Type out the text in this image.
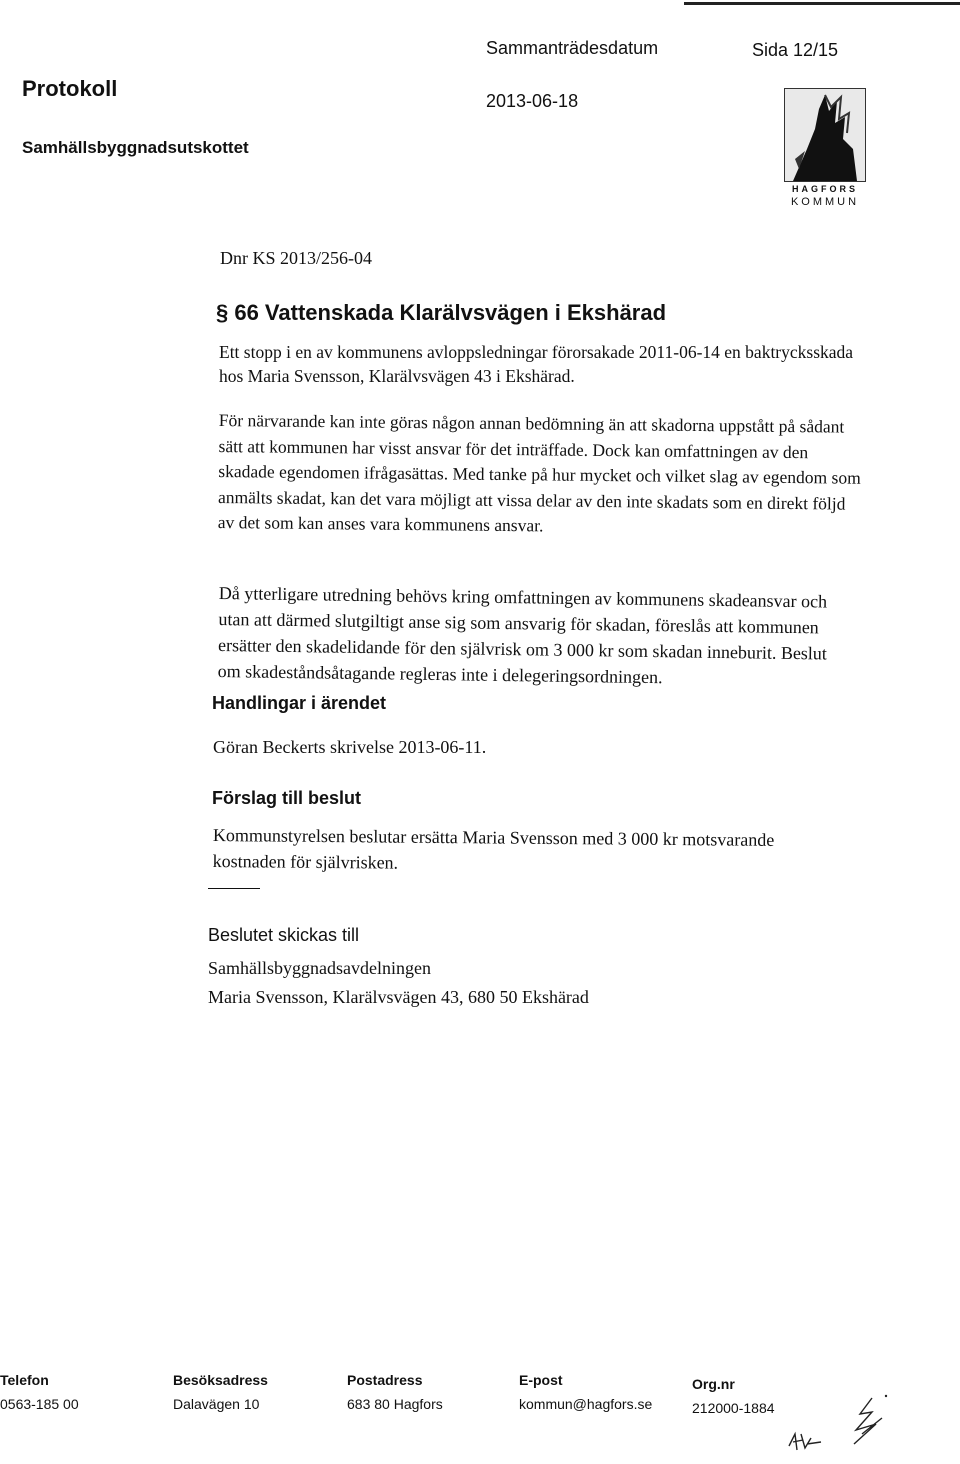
Protokoll
Sammanträdesdatum	Sida 12/15
2013-06-18
Samhällsbyggnadsutskottet
HAGFORS
KOMMUN
Dnr KS 2013/256-04
§ 66 Vattenskada Klarälvsvägen i Ekshärad
Ett stopp i en av kommunens avloppsledningar förorsakade 2011-06-14 en baktrycksskada hos Maria Svensson, Klarälvsvägen 43 i Ekshärad.
För närvarande kan inte göras någon annan bedömning än att skadorna uppstått på sådant sätt att kommunen har visst ansvar för det inträffade. Dock kan omfattningen av den skadade egendomen ifrågasättas. Med tanke på hur mycket och vilket slag av egendom som anmälts skadat, kan det vara möjligt att vissa delar av den inte skadats som en direkt följd av det som kan anses vara kommunens ansvar.
Då ytterligare utredning behövs kring omfattningen av kommunens skadeansvar och utan att därmed slutgiltigt anse sig som ansvarig för skadan, föreslås att kommunen ersätter den skadelidande för den självrisk om 3 000 kr som skadan inneburit. Beslut om skadeståndsåtagande regleras inte i delegeringsordningen.
Handlingar i ärendet
Göran Beckerts skrivelse 2013-06-11.
Förslag till beslut
Kommunstyrelsen beslutar ersätta Maria Svensson med 3 000 kr motsvarande kostnaden för självrisken.
Beslutet skickas till
Samhällsbyggnadsavdelningen
Maria Svensson, Klarälvsvägen 43, 680 50 Ekshärad
Telefon
0563-185 00
Besöksadress
Dalavägen 10
Postadress
683 80 Hagfors
E-post
kommun@hagfors.se
Org.nr
212000-1884
